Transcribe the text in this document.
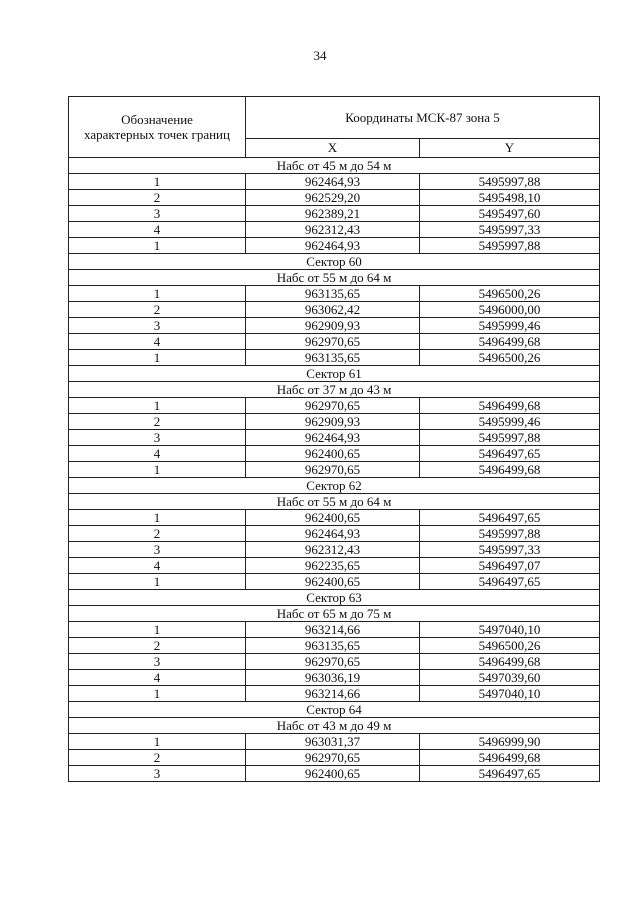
34
Обозначение
характерных точек границ	Координаты МСК-87 зона 5	
	X	Y
Набс от 45 м до 54 м		
1	962464,93	5495997,88
2	962529,20	5495498,10
3	962389,21	5495497,60
4	962312,43	5495997,33
1	962464,93	5495997,88
Сектор 60		
Набс от 55 м до 64 м		
1	963135,65	5496500,26
2	963062,42	5496000,00
3	962909,93	5495999,46
4	962970,65	5496499,68
1	963135,65	5496500,26
Сектор 61		
Набс от 37 м до 43 м		
1	962970,65	5496499,68
2	962909,93	5495999,46
3	962464,93	5495997,88
4	962400,65	5496497,65
1	962970,65	5496499,68
Сектор 62		
Набс от 55 м до 64 м		
1	962400,65	5496497,65
2	962464,93	5495997,88
3	962312,43	5495997,33
4	962235,65	5496497,07
1	962400,65	5496497,65
Сектор 63		
Набс от 65 м до 75 м		
1	963214,66	5497040,10
2	963135,65	5496500,26
3	962970,65	5496499,68
4	963036,19	5497039,60
1	963214,66	5497040,10
Сектор 64		
Набс от 43 м до 49 м		
1	963031,37	5496999,90
2	962970,65	5496499,68
3	962400,65	5496497,65
